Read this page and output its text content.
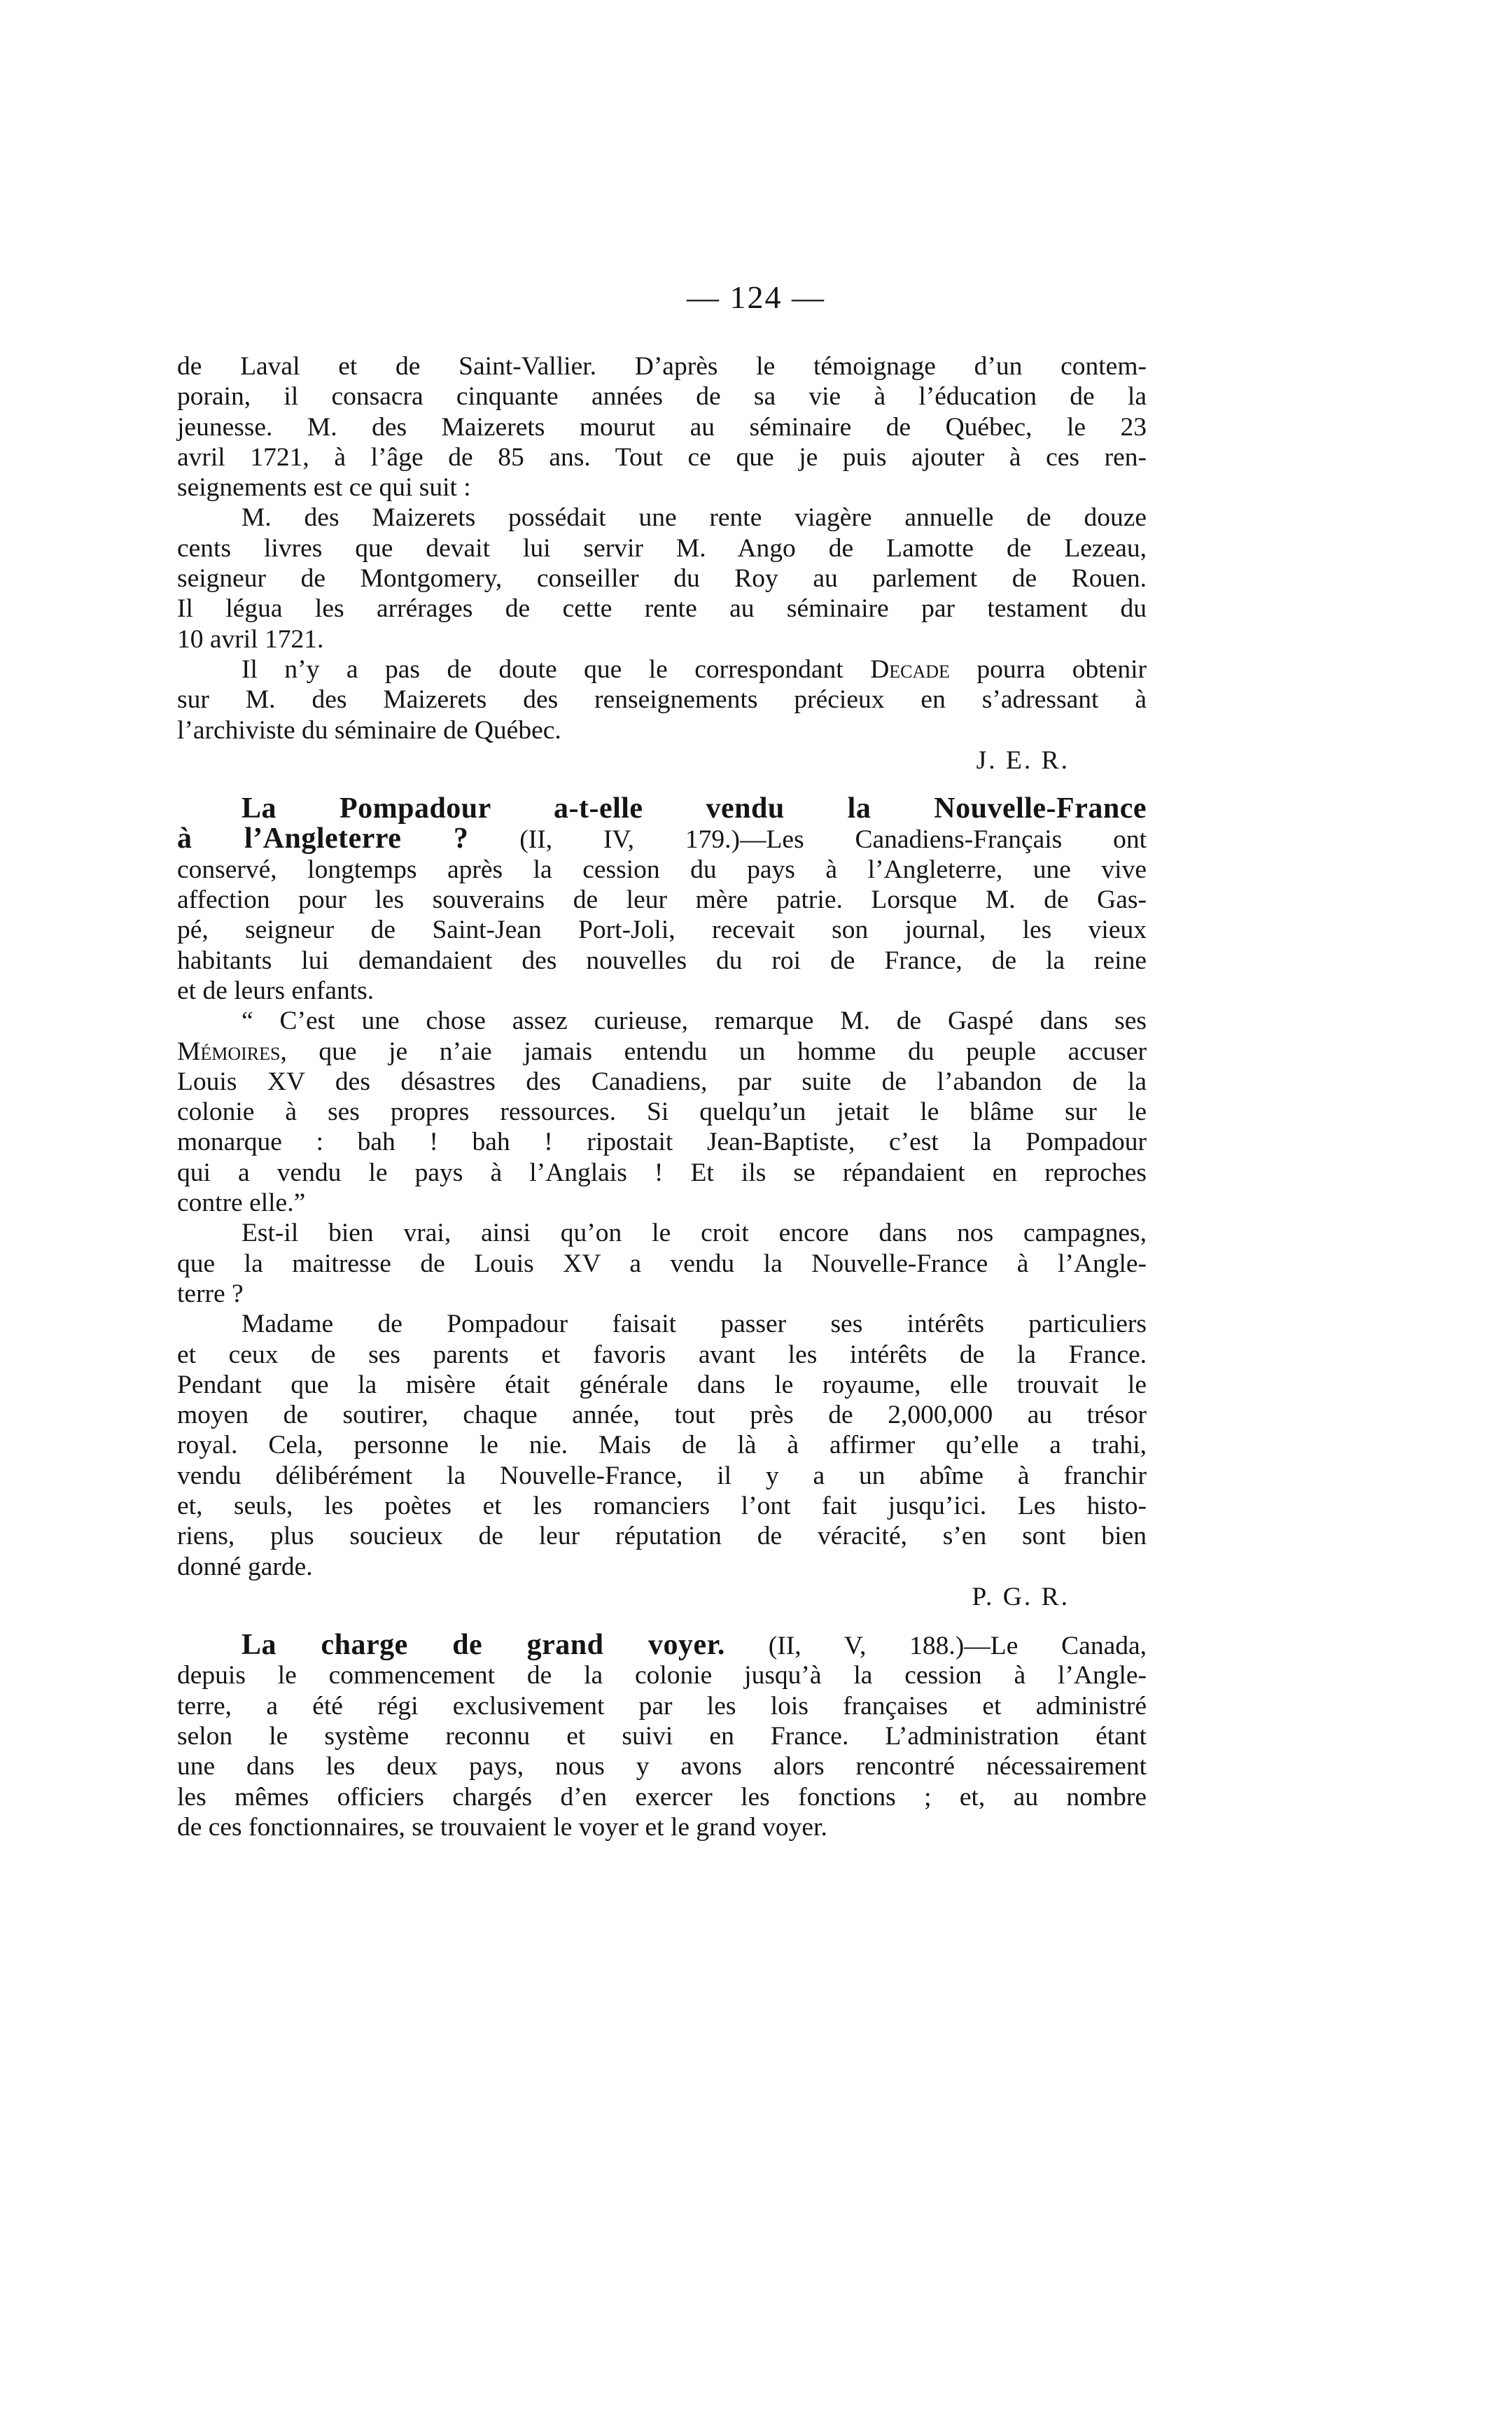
— 124 —
de Laval et de Saint-Vallier. D’après le témoignage d’un contem-
porain, il consacra cinquante années de sa vie à l’éducation de la
jeunesse. M. des Maizerets mourut au séminaire de Québec, le 23
avril 1721, à l’âge de 85 ans. Tout ce que je puis ajouter à ces ren-
seignements est ce qui suit :
M. des Maizerets possédait une rente viagère annuelle de douze
cents livres que devait lui servir M. Ango de Lamotte de Lezeau,
seigneur de Montgomery, conseiller du Roy au parlement de Rouen.
Il légua les arrérages de cette rente au séminaire par testament du
10 avril 1721.
Il n’y a pas de doute que le correspondant Decade pourra obtenir
sur M. des Maizerets des renseignements précieux en s’adressant à
l’archiviste du séminaire de Québec.
J. E. R.
La Pompadour a-t-elle vendu la Nouvelle-France
à l’Angleterre ? (II, IV, 179.)—Les Canadiens-Français ont
conservé, longtemps après la cession du pays à l’Angleterre, une vive
affection pour les souverains de leur mère patrie. Lorsque M. de Gas-
pé, seigneur de Saint-Jean Port-Joli, recevait son journal, les vieux
habitants lui demandaient des nouvelles du roi de France, de la reine
et de leurs enfants.
“ C’est une chose assez curieuse, remarque M. de Gaspé dans ses
Mémoires, que je n’aie jamais entendu un homme du peuple accuser
Louis XV des désastres des Canadiens, par suite de l’abandon de la
colonie à ses propres ressources. Si quelqu’un jetait le blâme sur le
monarque : bah ! bah ! ripostait Jean-Baptiste, c’est la Pompadour
qui a vendu le pays à l’Anglais ! Et ils se répandaient en reproches
contre elle.”
Est-il bien vrai, ainsi qu’on le croit encore dans nos campagnes,
que la maitresse de Louis XV a vendu la Nouvelle-France à l’Angle-
terre ?
Madame de Pompadour faisait passer ses intérêts particuliers
et ceux de ses parents et favoris avant les intérêts de la France.
Pendant que la misère était générale dans le royaume, elle trouvait le
moyen de soutirer, chaque année, tout près de 2,000,000 au trésor
royal. Cela, personne le nie. Mais de là à affirmer qu’elle a trahi,
vendu délibérément la Nouvelle-France, il y a un abîme à franchir
et, seuls, les poètes et les romanciers l’ont fait jusqu’ici. Les histo-
riens, plus soucieux de leur réputation de véracité, s’en sont bien
donné garde.
P. G. R.
La charge de grand voyer. (II, V, 188.)—Le Canada,
depuis le commencement de la colonie jusqu’à la cession à l’Angle-
terre, a été régi exclusivement par les lois françaises et administré
selon le système reconnu et suivi en France. L’administration étant
une dans les deux pays, nous y avons alors rencontré nécessairement
les mêmes officiers chargés d’en exercer les fonctions ; et, au nombre
de ces fonctionnaires, se trouvaient le voyer et le grand voyer.
